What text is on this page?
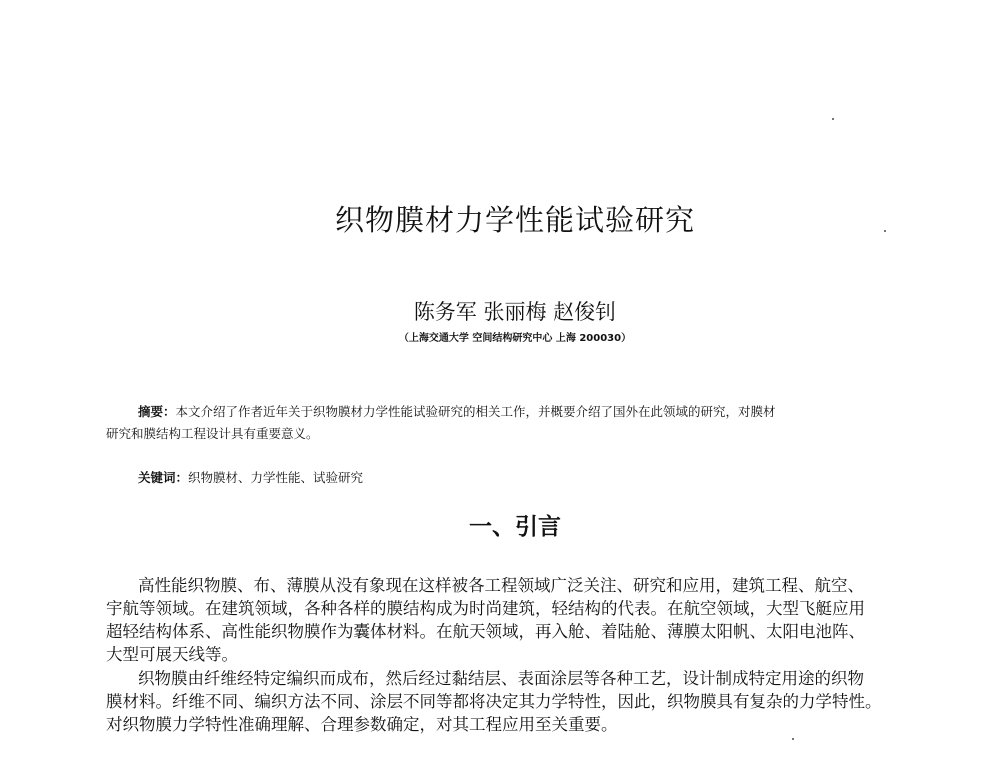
织物膜材力学性能试验研究
陈务军 张丽梅 赵俊钊
（上海交通大学 空间结构研究中心 上海 200030）
摘要：本文介绍了作者近年关于织物膜材力学性能试验研究的相关工作，并概要介绍了国外在此领域的研究，对膜材
研究和膜结构工程设计具有重要意义。
关键词：织物膜材、力学性能、试验研究
一、引言
高性能织物膜、布、薄膜从没有象现在这样被各工程领域广泛关注、研究和应用，建筑工程、航空、
宇航等领域。在建筑领域，各种各样的膜结构成为时尚建筑，轻结构的代表。在航空领域，大型飞艇应用
超轻结构体系、高性能织物膜作为囊体材料。在航天领域，再入舱、着陆舱、薄膜太阳帆、太阳电池阵、
大型可展天线等。
织物膜由纤维经特定编织而成布，然后经过黏结层、表面涂层等各种工艺，设计制成特定用途的织物
膜材料。纤维不同、编织方法不同、涂层不同等都将决定其力学特性，因此，织物膜具有复杂的力学特性。
对织物膜力学特性准确理解、合理参数确定，对其工程应用至关重要。
